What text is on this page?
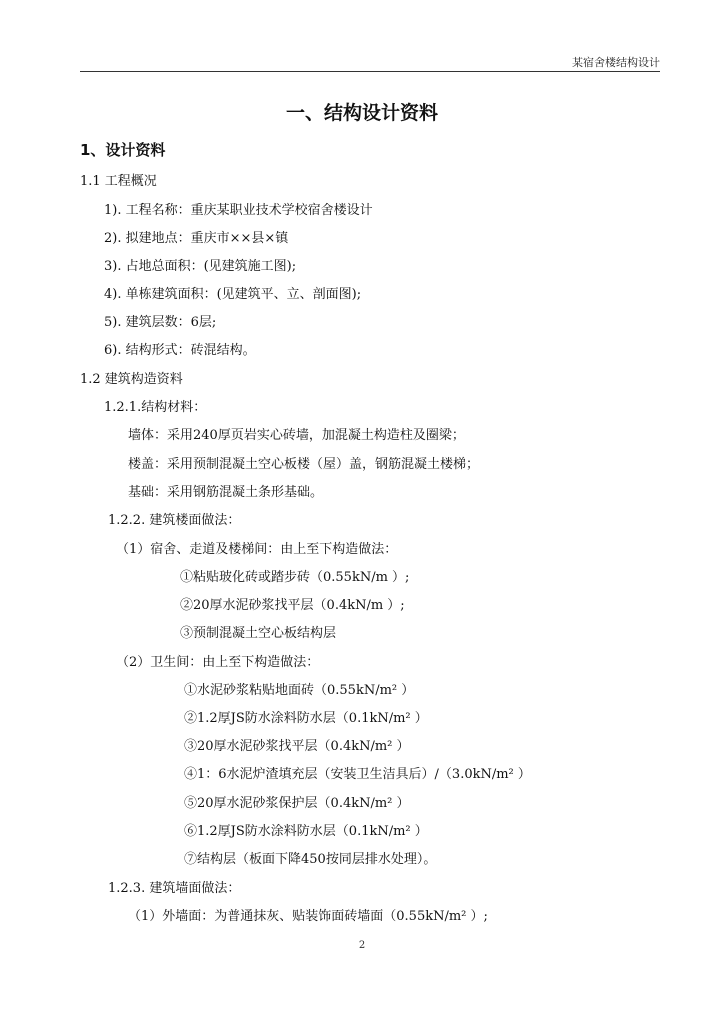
某宿舍楼结构设计
一、结构设计资料
1、设计资料
1.1 工程概况
1). 工程名称：重庆某职业技术学校宿舍楼设计
2). 拟建地点：重庆市××县×镇
3). 占地总面积：(见建筑施工图);
4). 单栋建筑面积：(见建筑平、立、剖面图);
5). 建筑层数：6层;
6). 结构形式：砖混结构。
1.2 建筑构造资料
1.2.1.结构材料：
墙体：采用240厚页岩实心砖墙，加混凝土构造柱及圈梁；
楼盖：采用预制混凝土空心板楼（屋）盖，钢筋混凝土楼梯；
基础：采用钢筋混凝土条形基础。
1.2.2. 建筑楼面做法：
（1）宿舍、走道及楼梯间：由上至下构造做法：
①粘贴玻化砖或踏步砖（0.55kN/m ）;
②20厚水泥砂浆找平层（0.4kN/m ）;
③预制混凝土空心板结构层
（2）卫生间：由上至下构造做法：
①水泥砂浆粘贴地面砖（0.55kN/m² ）
②1.2厚JS防水涂料防水层（0.1kN/m² ）
③20厚水泥砂浆找平层（0.4kN/m² ）
④1：6水泥炉渣填充层（安装卫生洁具后）/（3.0kN/m² ）
⑤20厚水泥砂浆保护层（0.4kN/m² ）
⑥1.2厚JS防水涂料防水层（0.1kN/m² ）
⑦结构层（板面下降450按同层排水处理）。
1.2.3. 建筑墙面做法：
（1）外墙面：为普通抹灰、贴装饰面砖墙面（0.55kN/m² ）;
2
